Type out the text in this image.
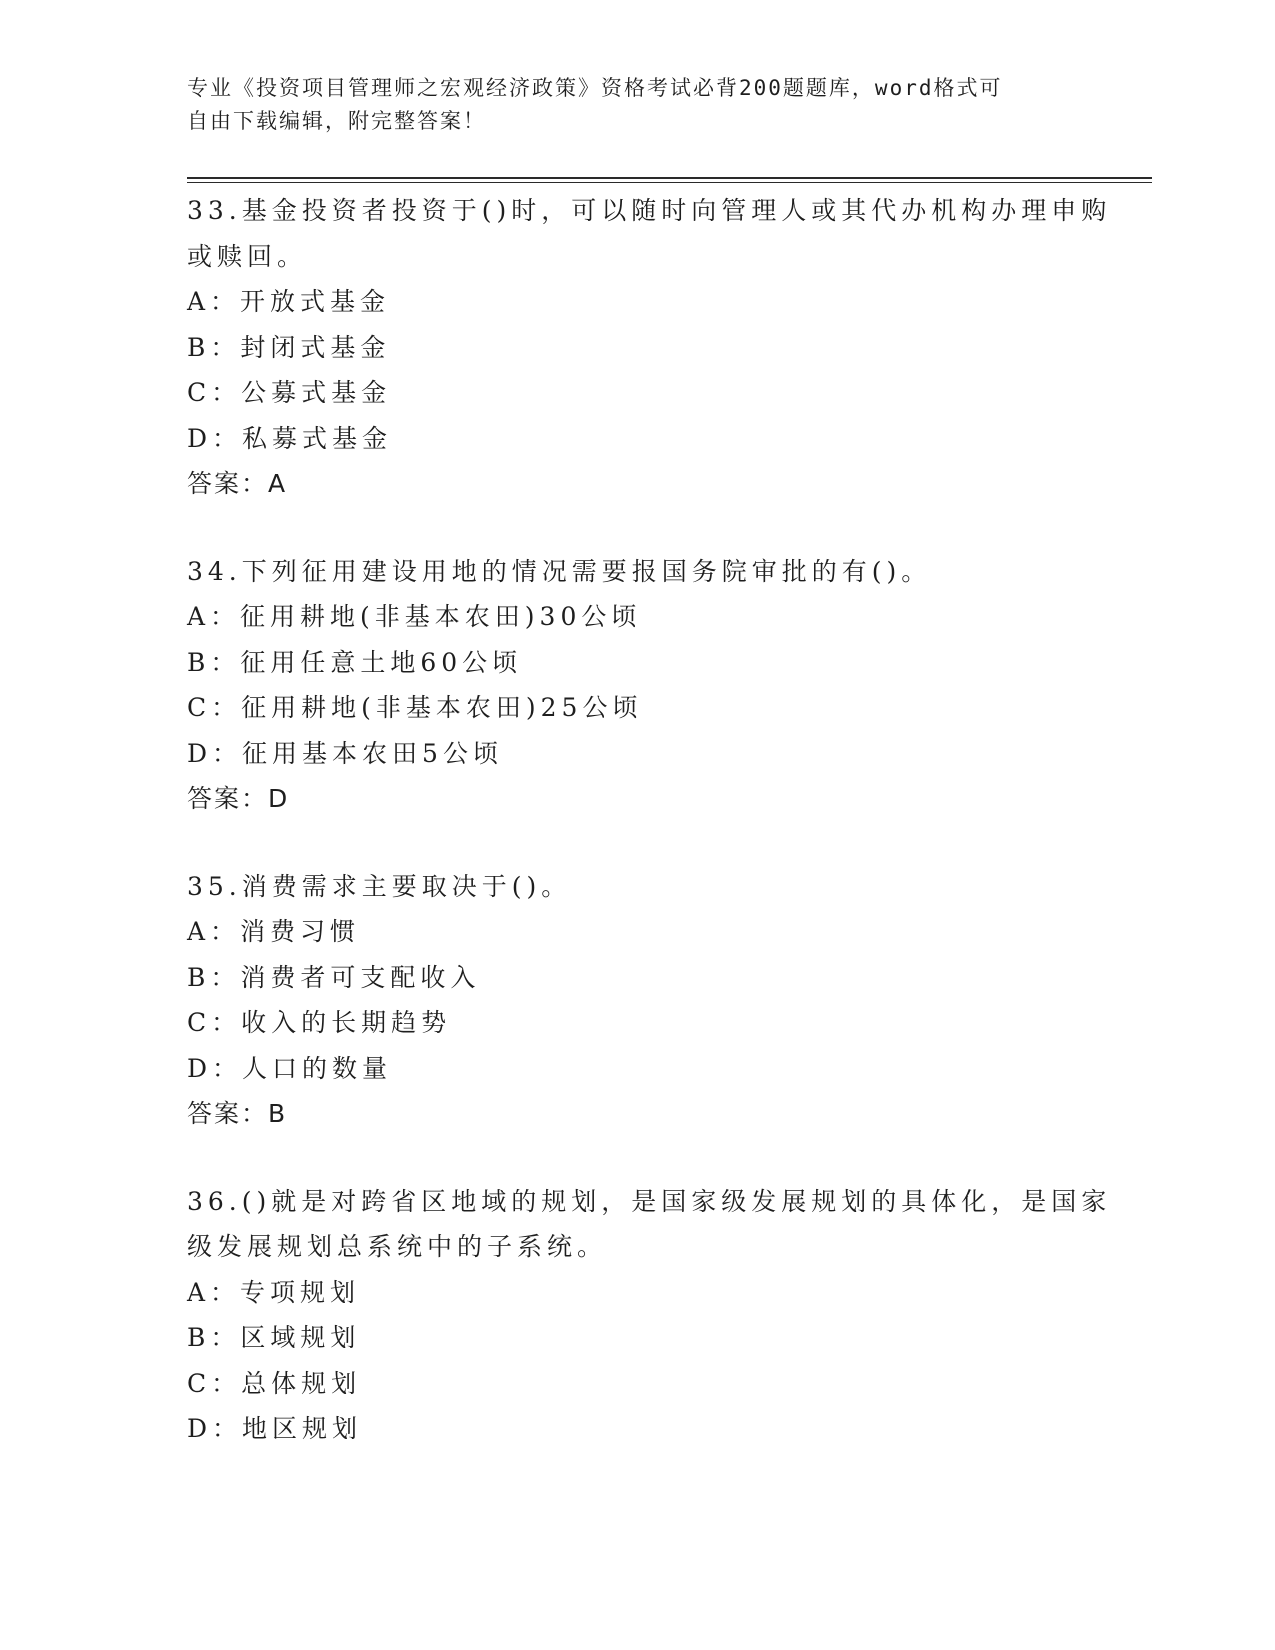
专业《投资项目管理师之宏观经济政策》资格考试必背200题题库，word格式可
自由下载编辑，附完整答案！
33.基金投资者投资于()时，可以随时向管理人或其代办机构办理申购
或赎回。
A：开放式基金
B：封闭式基金
C：公募式基金
D：私募式基金
答案：A
34.下列征用建设用地的情况需要报国务院审批的有()。
A：征用耕地(非基本农田)30公顷
B：征用任意土地60公顷
C：征用耕地(非基本农田)25公顷
D：征用基本农田5公顷
答案：D
35.消费需求主要取决于()。
A：消费习惯
B：消费者可支配收入
C：收入的长期趋势
D：人口的数量
答案：B
36.()就是对跨省区地域的规划，是国家级发展规划的具体化，是国家
级发展规划总系统中的子系统。
A：专项规划
B：区域规划
C：总体规划
D：地区规划
